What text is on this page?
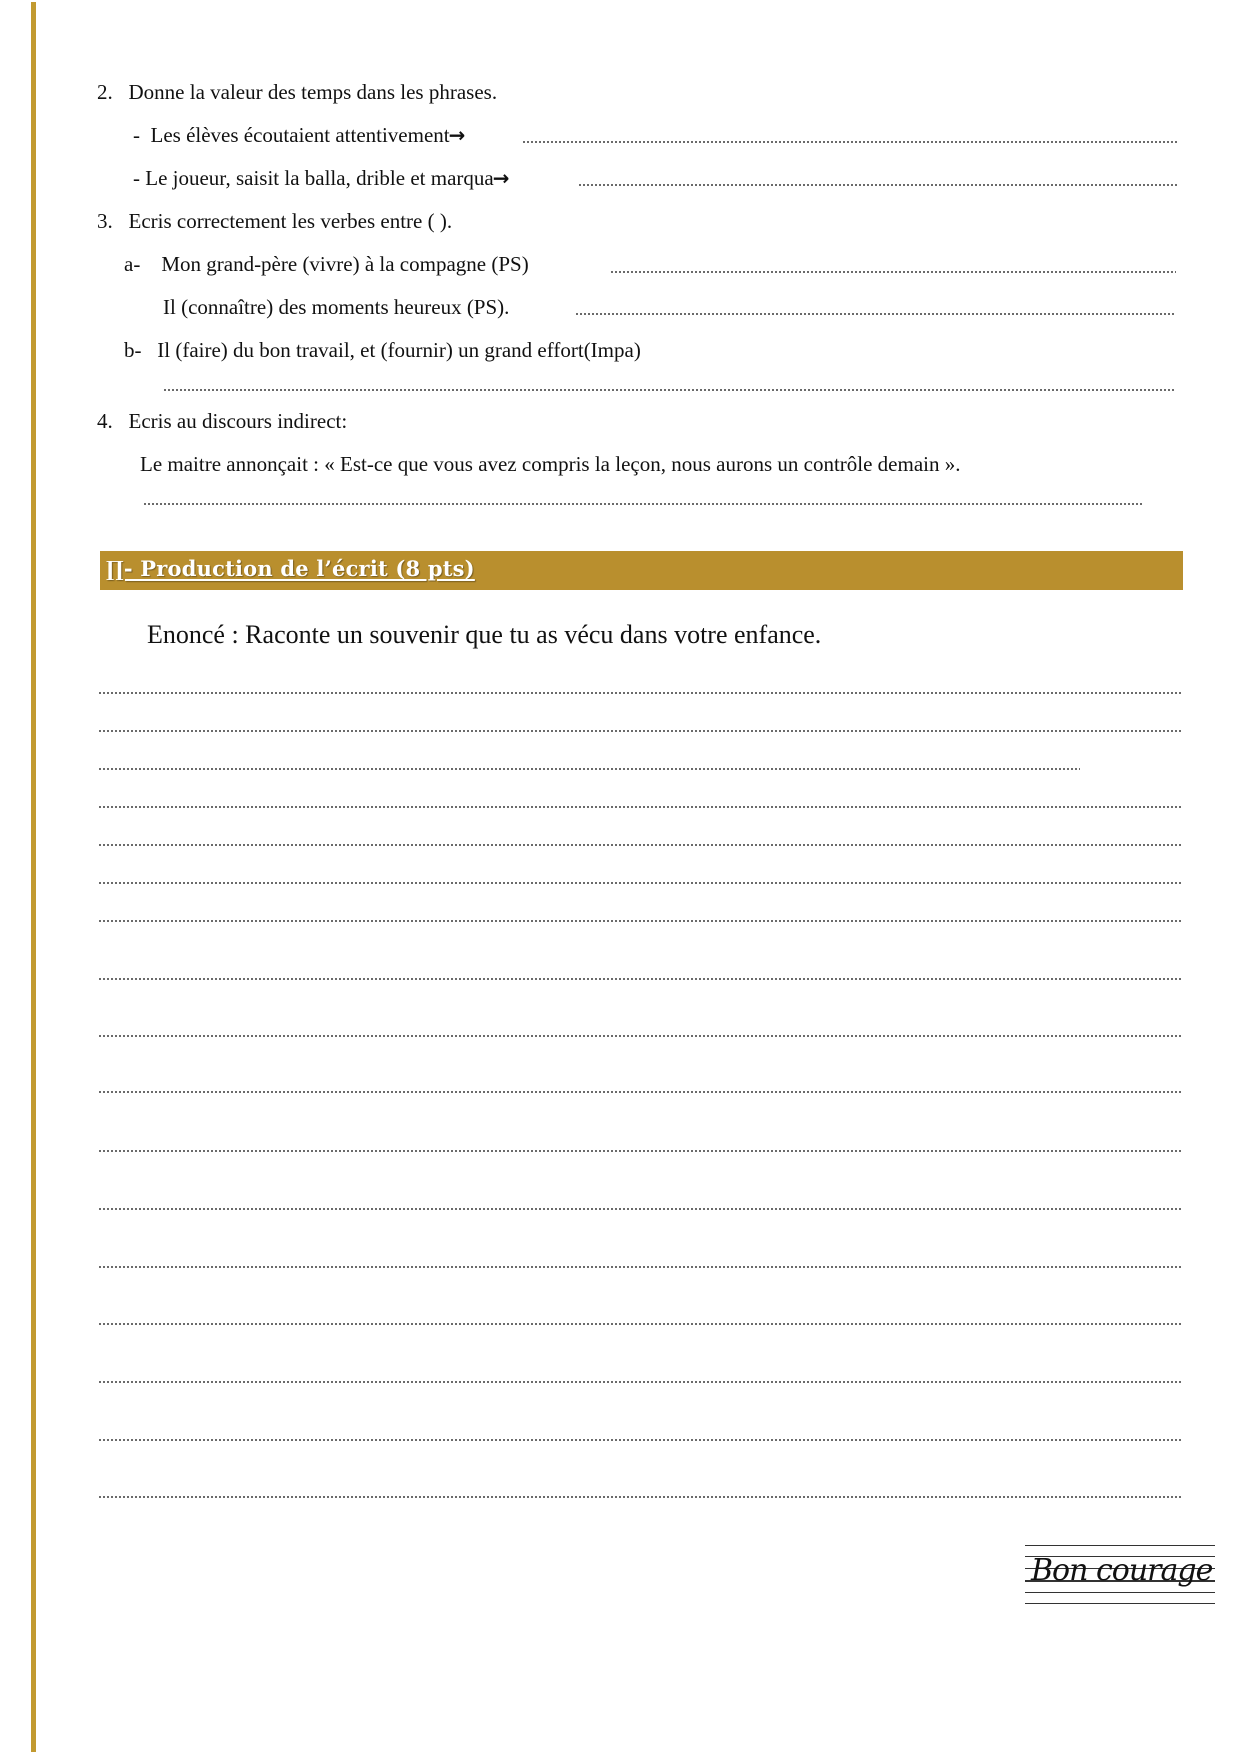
2. Donne la valeur des temps dans les phrases.
- Les élèves écoutaient attentivement→
- Le joueur, saisit la balla, drible et marqua→
3. Ecris correctement les verbes entre ( ).
a- Mon grand-père (vivre) à la compagne (PS)
Il (connaître) des moments heureux (PS).
b- Il (faire) du bon travail, et (fournir) un grand effort(Impa)
4. Ecris au discours indirect:
Le maitre annonçait : « Est-ce que vous avez compris la leçon, nous aurons un contrôle demain ».
∏- Production de l’écrit (8 pts)
Enoncé : Raconte un souvenir que tu as vécu dans votre enfance.
Bon courage
